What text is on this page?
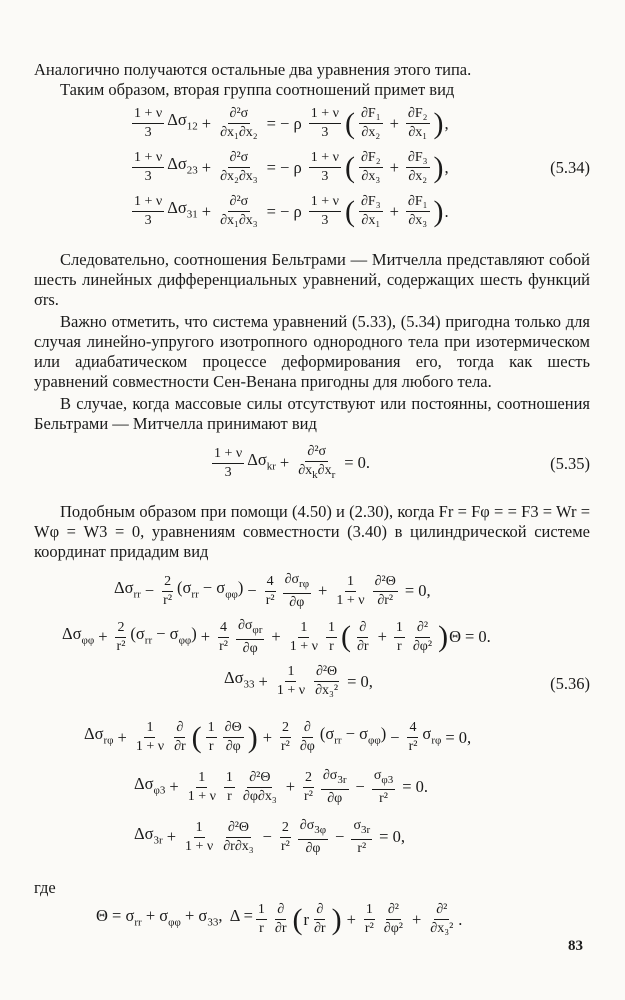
Аналогично получаются остальные два уравнения этого типа.

Таким образом, вторая группа соотношений примет вид

$\frac{1 + \nu}{3} \Delta\sigma_{12} + \frac{\text{∂²σ}}{\text{∂x₁∂x₂}}$ = − ρ $\frac{1 + \nu}{3}$ ( $\frac{\text{∂F₁}}{\text{∂x₂}} + \frac{\text{∂F₂}}{\text{∂x₁}}$ ) ,
$\frac{1 + \nu}{3} \Delta\sigma_{23} + \frac{\text{∂²σ}}{\text{∂x₂∂x₃}}$ = − ρ $\frac{1 + \nu}{3}$ ( $\frac{\text{∂F₂}}{\text{∂x₃}} + \frac{\text{∂F₃}}{\text{∂x₂}}$ ) ,	(5.34)
$\frac{1 + \nu}{3} \Delta\sigma_{31} + \frac{\text{∂²σ}}{\text{∂x₁∂x₃}}$ = − ρ $\frac{1 + \nu}{3}$ ( $\frac{\text{∂F₃}}{\text{∂x₁}} + \frac{\text{∂F₁}}{\text{∂x₃}}$ ) .

Следовательно, соотношения Бельтрами — Митчелла представляют собой шесть линейных дифференциальных уравнений, содержащих шесть функций σrs.

Важно отметить, что система уравнений (5.33), (5.34) пригодна только для случая линейно-упругого изотропного однородного тела при изотермическом или адиабатическом процессе деформирования его, тогда как шесть уравнений совместности Сен-Венана пригодны для любого тела.

В случае, когда массовые силы отсутствуют или постоянны, соотношения Бельтрами — Митчелла принимают вид

$\frac{1 + \nu}{3} \Delta\sigma_{kr} + \frac{\text{∂²σ}}{\partial x_k\partial x_r} = 0$.	(5.35)

Подобным образом при помощи (4.50) и (2.30), когда Fr = Fφ = = F3 = Wr = Wφ = W3 = 0, уравнениям совместности (3.40) в цилиндрической системе координат придадим вид

$\Delta\sigma_{rr} - \frac{2}{\text{r²}} (\sigma_{rr} - \sigma_{\varphi\varphi}) - \frac{4}{\text{r²}} \frac{\partial\sigma_{r\varphi}}{\partial\varphi} + \frac{1}{1 + \nu} \frac{\text{∂²Θ}}{\text{∂r²}} = 0$,
$\Delta\sigma_{\varphi\varphi} + \frac{2}{\text{r²}} (\sigma_{rr} - \sigma_{\varphi\varphi}) + \frac{4}{\text{r²}} \frac{\partial\sigma_{\varphi r}}{\partial\varphi} + \frac{1}{1 + \nu} \frac{1}{r}$ ( $\frac{\partial}{\partial r} + \frac{1}{r} \frac{\text{∂²}}{\text{∂φ²}}$ ) Θ = 0.
$\Delta\sigma_{33} + \frac{1}{1 + \nu} \frac{\text{∂²Θ}}{\text{∂x₃²}} = 0$,	(5.36)
$\Delta\sigma_{r\varphi} + \frac{1}{1 + \nu} \frac{\partial}{\partial r}$ ( $\frac{1}{r} \frac{\partial\Theta}{\partial\varphi}$ ) + $\frac{2}{\text{r²}} \frac{\partial}{\partial\varphi} (\sigma_{rr} - \sigma_{\varphi\varphi}) - \frac{4}{\text{r²}} \sigma_{r\varphi} = 0$,
$\Delta\sigma_{\varphi 3} + \frac{1}{1 + \nu} \frac{1}{r} \frac{\text{∂²Θ}}{\text{∂φ∂x₃}} + \frac{2}{\text{r²}} \frac{\partial\sigma_{3r}}{\partial\varphi} - \frac{\sigma_{\varphi 3}}{\text{r²}} = 0$.
$\Delta\sigma_{3r} + \frac{1}{1 + \nu} \frac{\text{∂²Θ}}{\text{∂r∂x₃}} - \frac{2}{\text{r²}} \frac{\partial\sigma_{3\varphi}}{\partial\varphi} - \frac{\sigma_{3r}}{\text{r²}} = 0$,

где

$\Theta = \sigma_{rr} + \sigma_{\varphi\varphi} + \sigma_{33}$,  $\Delta = \frac{1}{r} \frac{\partial}{\partial r}$ ( r $\frac{\partial}{\partial r}$ ) + $\frac{1}{\text{r²}} \frac{\text{∂²}}{\text{∂φ²}} + \frac{\text{∂²}}{\text{∂x₃²}}$ .
83
